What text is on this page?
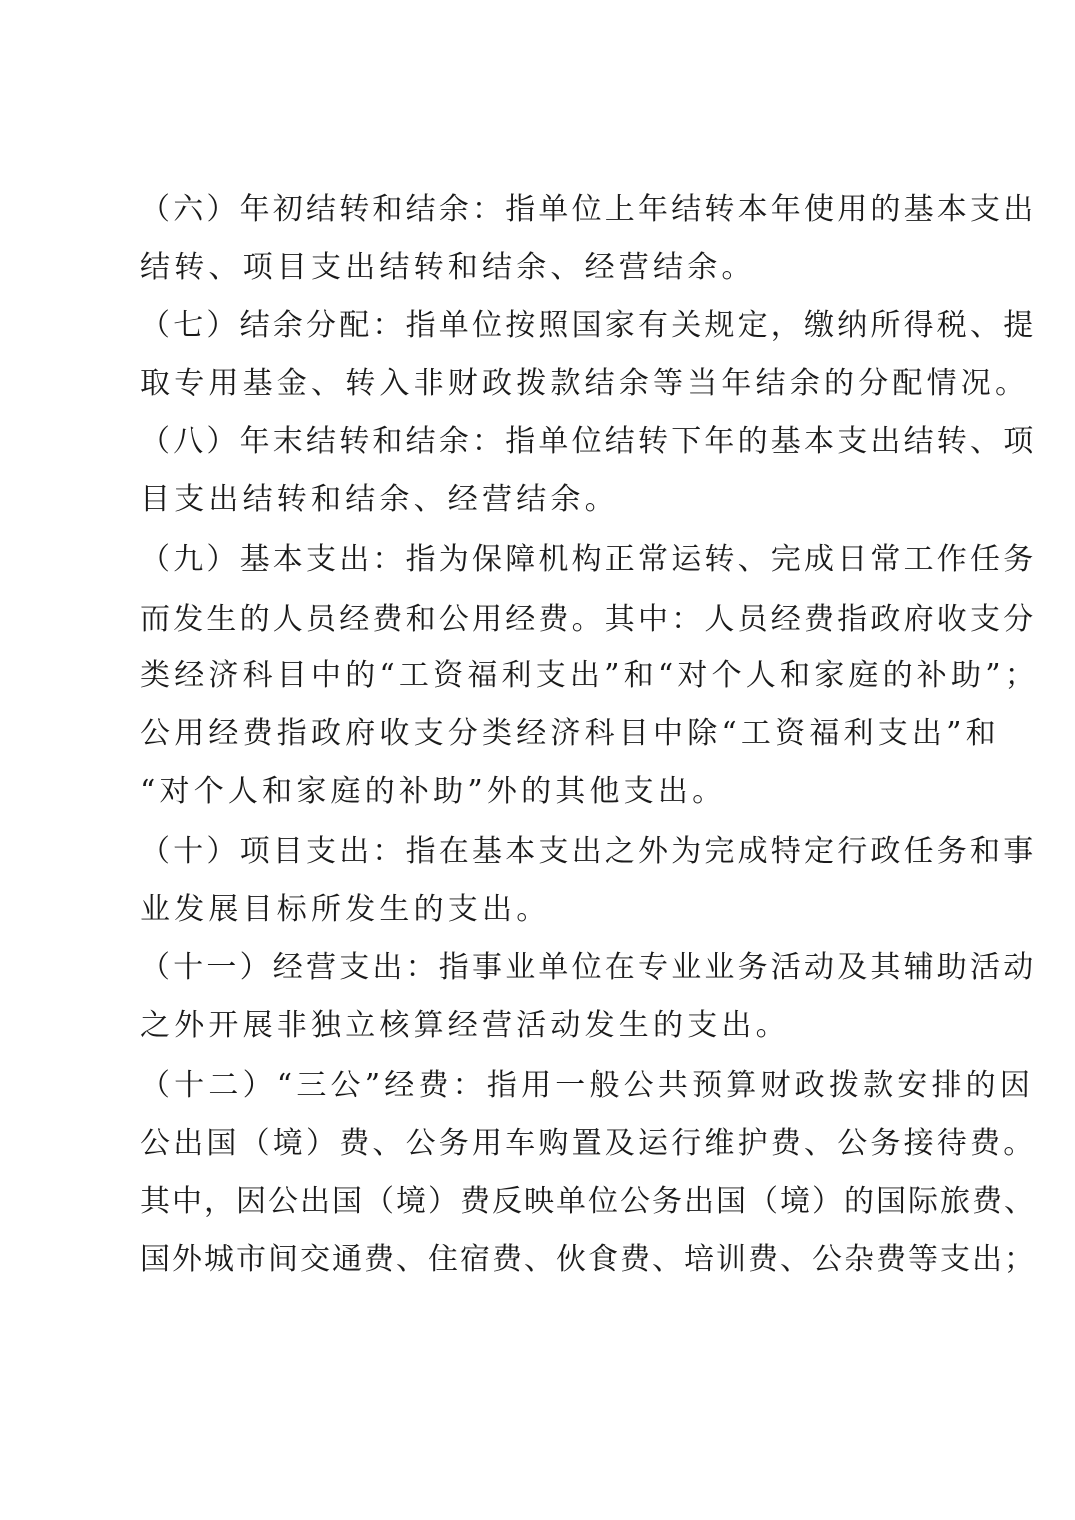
（六）年初结转和结余：指单位上年结转本年使用的基本支出
结转、项目支出结转和结余、经营结余。
（七）结余分配：指单位按照国家有关规定，缴纳所得税、提
取专用基金、转入非财政拨款结余等当年结余的分配情况。
（八）年末结转和结余：指单位结转下年的基本支出结转、项
目支出结转和结余、经营结余。
（九）基本支出：指为保障机构正常运转、完成日常工作任务
而发生的人员经费和公用经费。其中：人员经费指政府收支分
类经济科目中的“工资福利支出”和“对个人和家庭的补助”；
公用经费指政府收支分类经济科目中除“工资福利支出”和
“对个人和家庭的补助”外的其他支出。
（十）项目支出：指在基本支出之外为完成特定行政任务和事
业发展目标所发生的支出。
（十一）经营支出：指事业单位在专业业务活动及其辅助活动
之外开展非独立核算经营活动发生的支出。
（十二）“三公”经费：指用一般公共预算财政拨款安排的因
公出国（境）费、公务用车购置及运行维护费、公务接待费。
其中，因公出国（境）费反映单位公务出国（境）的国际旅费、
国外城市间交通费、住宿费、伙食费、培训费、公杂费等支出；
